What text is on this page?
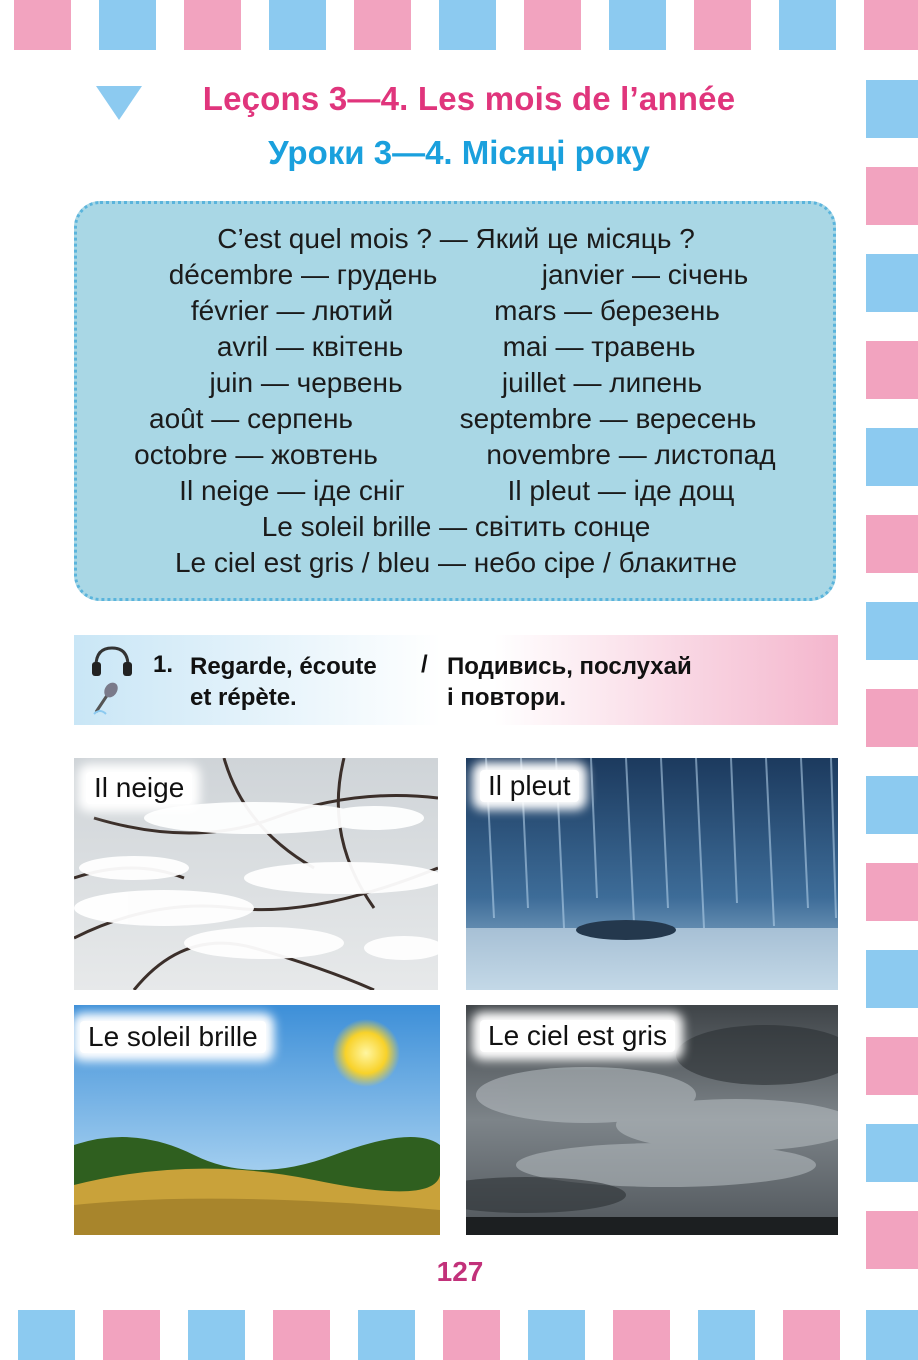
Leçons 3—4. Les mois de l’année
Уроки 3—4. Місяці року
C’est quel mois ? — Який це місяць ?
décembre — грудень	janvier — січень
février — лютий	mars — березень
avril — квітень	mai — травень
juin — червень	juillet — липень
août — серпень	septembre — вересень
octobre — жовтень	novembre — листопад
Il neige — іде сніг	Il pleut — іде дощ
Le soleil brille — світить сонце
Le ciel est gris / bleu — небо сіре / блакитне
1. Regarde, écoute
et répète.
/ Подивись, послухай
і повтори.
Il neige	Il pleut
Le soleil brille	Le ciel est gris
127
